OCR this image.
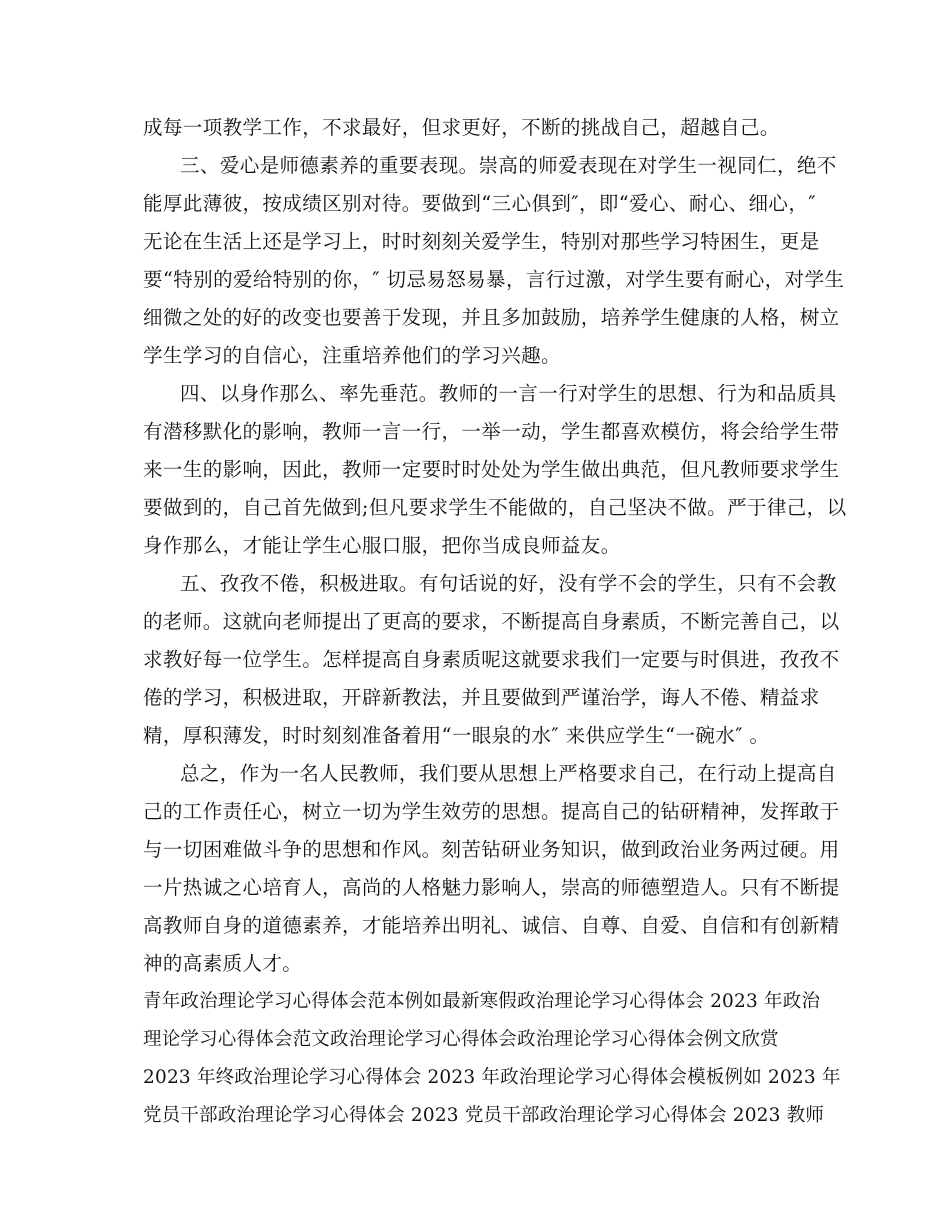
成每一项教学工作，不求最好，但求更好，不断的挑战自己，超越自己。
三、爱心是师德素养的重要表现。崇高的师爱表现在对学生一视同仁，绝不
能厚此薄彼，按成绩区别对待。要做到“三心俱到″，即“爱心、耐心、细心，″
无论在生活上还是学习上，时时刻刻关爱学生，特别对那些学习特困生，更是
要“特别的爱给特别的你，″ 切忌易怒易暴，言行过激，对学生要有耐心，对学生
细微之处的好的改变也要善于发现，并且多加鼓励，培养学生健康的人格，树立
学生学习的自信心，注重培养他们的学习兴趣。
四、以身作那么、率先垂范。教师的一言一行对学生的思想、行为和品质具
有潜移默化的影响，教师一言一行，一举一动，学生都喜欢模仿，将会给学生带
来一生的影响，因此，教师一定要时时处处为学生做出典范，但凡教师要求学生
要做到的，自己首先做到;但凡要求学生不能做的，自己坚决不做。严于律己，以
身作那么，才能让学生心服口服，把你当成良师益友。
五、孜孜不倦，积极进取。有句话说的好，没有学不会的学生，只有不会教
的老师。这就向老师提出了更高的要求，不断提高自身素质，不断完善自己，以
求教好每一位学生。怎样提高自身素质呢这就要求我们一定要与时俱进，孜孜不
倦的学习，积极进取，开辟新教法，并且要做到严谨治学，诲人不倦、精益求
精，厚积薄发，时时刻刻准备着用“一眼泉的水″ 来供应学生“一碗水″ 。
总之，作为一名人民教师，我们要从思想上严格要求自己，在行动上提高自
己的工作责任心，树立一切为学生效劳的思想。提高自己的钻研精神，发挥敢于
与一切困难做斗争的思想和作风。刻苦钻研业务知识，做到政治业务两过硬。用
一片热诚之心培育人，高尚的人格魅力影响人，崇高的师德塑造人。只有不断提
高教师自身的道德素养，才能培养出明礼、诚信、自尊、自爱、自信和有创新精
神的高素质人才。
青年政治理论学习心得体会范本例如最新寒假政治理论学习心得体会 2023 年政治
理论学习心得体会范文政治理论学习心得体会政治理论学习心得体会例文欣赏
2023 年终政治理论学习心得体会 2023 年政治理论学习心得体会模板例如 2023 年
党员干部政治理论学习心得体会 2023 党员干部政治理论学习心得体会 2023 教师
